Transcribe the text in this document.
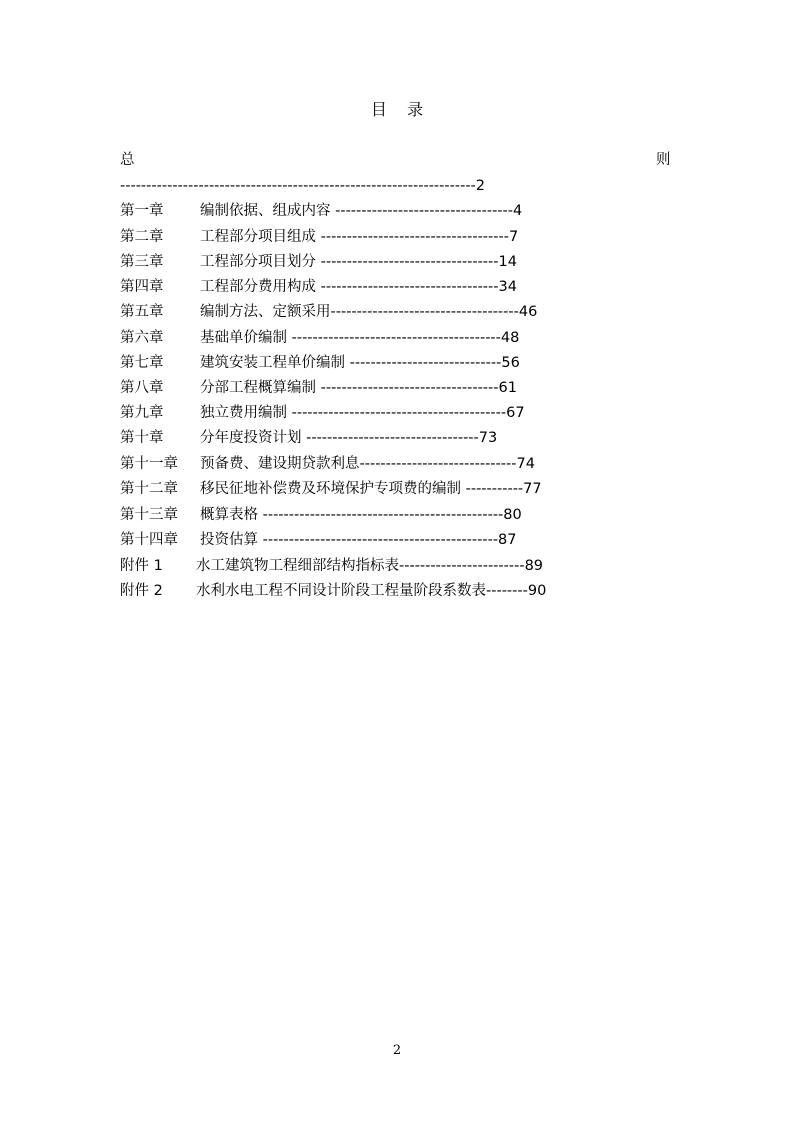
目    录
总	则
--------------------------------------------------------------------2
第一章	编制依据、组成内容 ----------------------------------4
第二章	工程部分项目组成 ------------------------------------7
第三章	工程部分项目划分 ----------------------------------14
第四章	工程部分费用构成 ----------------------------------34
第五章	编制方法、定额采用------------------------------------46
第六章	基础单价编制 ----------------------------------------48
第七章	建筑安装工程单价编制 -----------------------------56
第八章	分部工程概算编制 ----------------------------------61
第九章	独立费用编制 -----------------------------------------67
第十章	分年度投资计划 ---------------------------------73
第十一章 预备费、建设期贷款利息------------------------------74
第十二章 移民征地补偿费及环境保护专项费的编制 -----------77
第十三章 概算表格 ----------------------------------------------80
第十四章 投资估算 ---------------------------------------------87
附件 1 水工建筑物工程细部结构指标表------------------------89
附件 2 水利水电工程不同设计阶段工程量阶段系数表--------90
2
